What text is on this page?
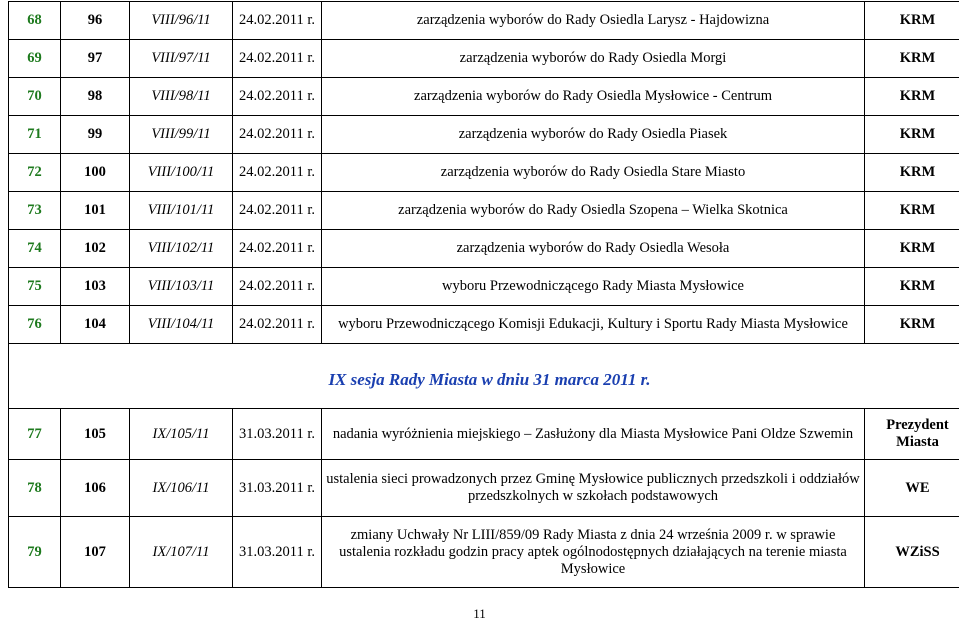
68	96	VIII/96/11	24.02.2011 r.	zarządzenia wyborów do Rady Osiedla Larysz - Hajdowizna	KRM
69	97	VIII/97/11	24.02.2011 r.	zarządzenia wyborów do Rady Osiedla Morgi	KRM
70	98	VIII/98/11	24.02.2011 r.	zarządzenia wyborów do Rady Osiedla Mysłowice - Centrum	KRM
71	99	VIII/99/11	24.02.2011 r.	zarządzenia wyborów do Rady Osiedla Piasek	KRM
72	100	VIII/100/11	24.02.2011 r.	zarządzenia wyborów do Rady Osiedla Stare Miasto	KRM
73	101	VIII/101/11	24.02.2011 r.	zarządzenia wyborów do Rady Osiedla Szopena – Wielka Skotnica	KRM
74	102	VIII/102/11	24.02.2011 r.	zarządzenia wyborów do Rady Osiedla Wesoła	KRM
75	103	VIII/103/11	24.02.2011 r.	wyboru Przewodniczącego Rady Miasta Mysłowice	KRM
76	104	VIII/104/11	24.02.2011 r.	wyboru Przewodniczącego Komisji Edukacji, Kultury i Sportu Rady Miasta Mysłowice	KRM
IX sesja Rady Miasta w dniu 31 marca 2011 r.					
77	105	IX/105/11	31.03.2011 r.	nadania wyróżnienia miejskiego – Zasłużony dla Miasta Mysłowice Pani Oldze Szwemin	Prezydent Miasta
78	106	IX/106/11	31.03.2011 r.	ustalenia sieci prowadzonych przez Gminę Mysłowice publicznych przedszkoli i oddziałów przedszkolnych w szkołach podstawowych	WE
79	107	IX/107/11	31.03.2011 r.	zmiany Uchwały Nr LIII/859/09 Rady Miasta z dnia 24 września 2009 r. w sprawie ustalenia rozkładu godzin pracy aptek ogólnodostępnych działających na terenie miasta Mysłowice	WZiSS
11
